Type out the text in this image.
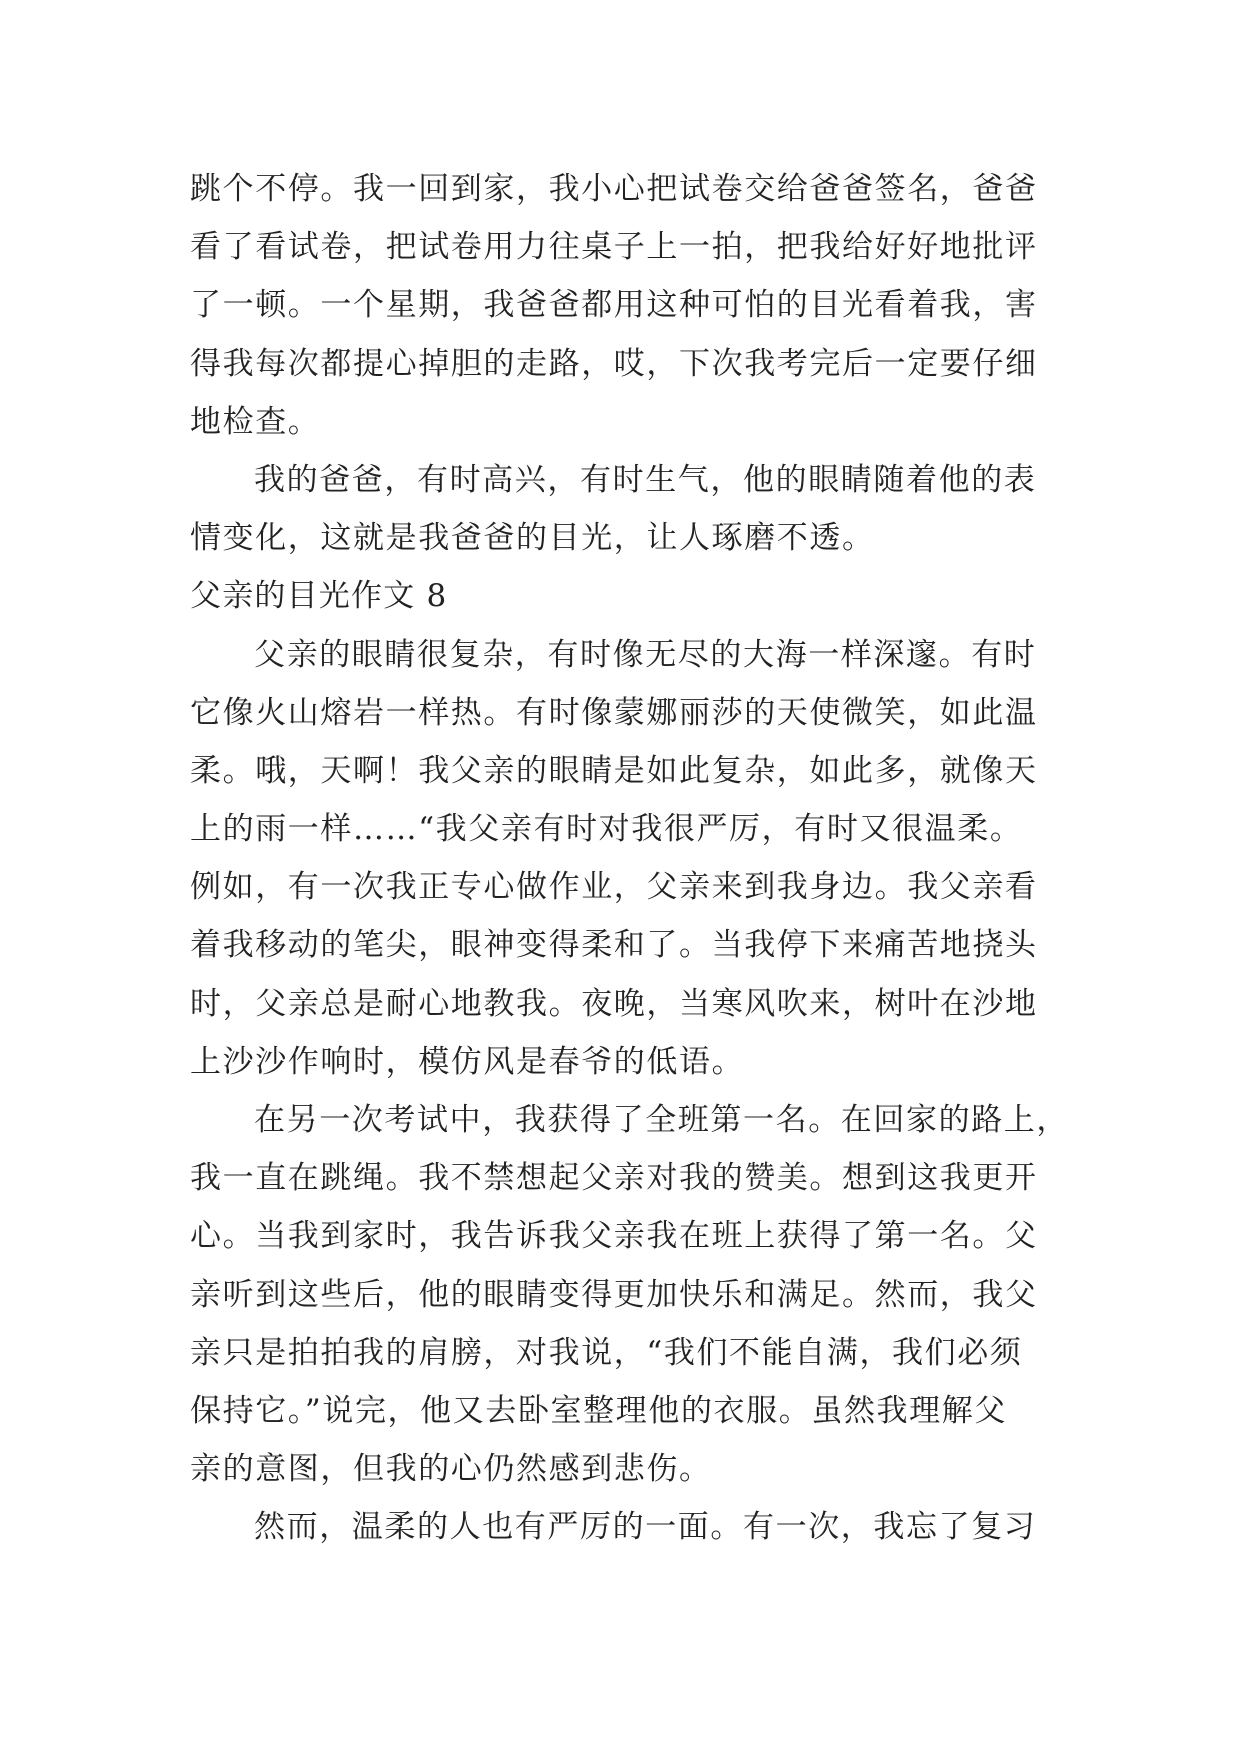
跳个不停。我一回到家，我小心把试卷交给爸爸签名，爸爸
看了看试卷，把试卷用力往桌子上一拍，把我给好好地批评
了一顿。一个星期，我爸爸都用这种可怕的目光看着我，害
得我每次都提心掉胆的走路，哎，下次我考完后一定要仔细
地检查。
我的爸爸，有时高兴，有时生气，他的眼睛随着他的表
情变化，这就是我爸爸的目光，让人琢磨不透。
父亲的目光作文 8
父亲的眼睛很复杂，有时像无尽的大海一样深邃。有时
它像火山熔岩一样热。有时像蒙娜丽莎的天使微笑，如此温
柔。哦，天啊！我父亲的眼睛是如此复杂，如此多，就像天
上的雨一样……“我父亲有时对我很严厉，有时又很温柔。
例如，有一次我正专心做作业，父亲来到我身边。我父亲看
着我移动的笔尖，眼神变得柔和了。当我停下来痛苦地挠头
时，父亲总是耐心地教我。夜晚，当寒风吹来，树叶在沙地
上沙沙作响时，模仿风是春爷的低语。
在另一次考试中，我获得了全班第一名。在回家的路上，
我一直在跳绳。我不禁想起父亲对我的赞美。想到这我更开
心。当我到家时，我告诉我父亲我在班上获得了第一名。父
亲听到这些后，他的眼睛变得更加快乐和满足。然而，我父
亲只是拍拍我的肩膀，对我说，“我们不能自满，我们必须
保持它。”说完，他又去卧室整理他的衣服。虽然我理解父
亲的意图，但我的心仍然感到悲伤。
然而，温柔的人也有严厉的一面。有一次，我忘了复习
